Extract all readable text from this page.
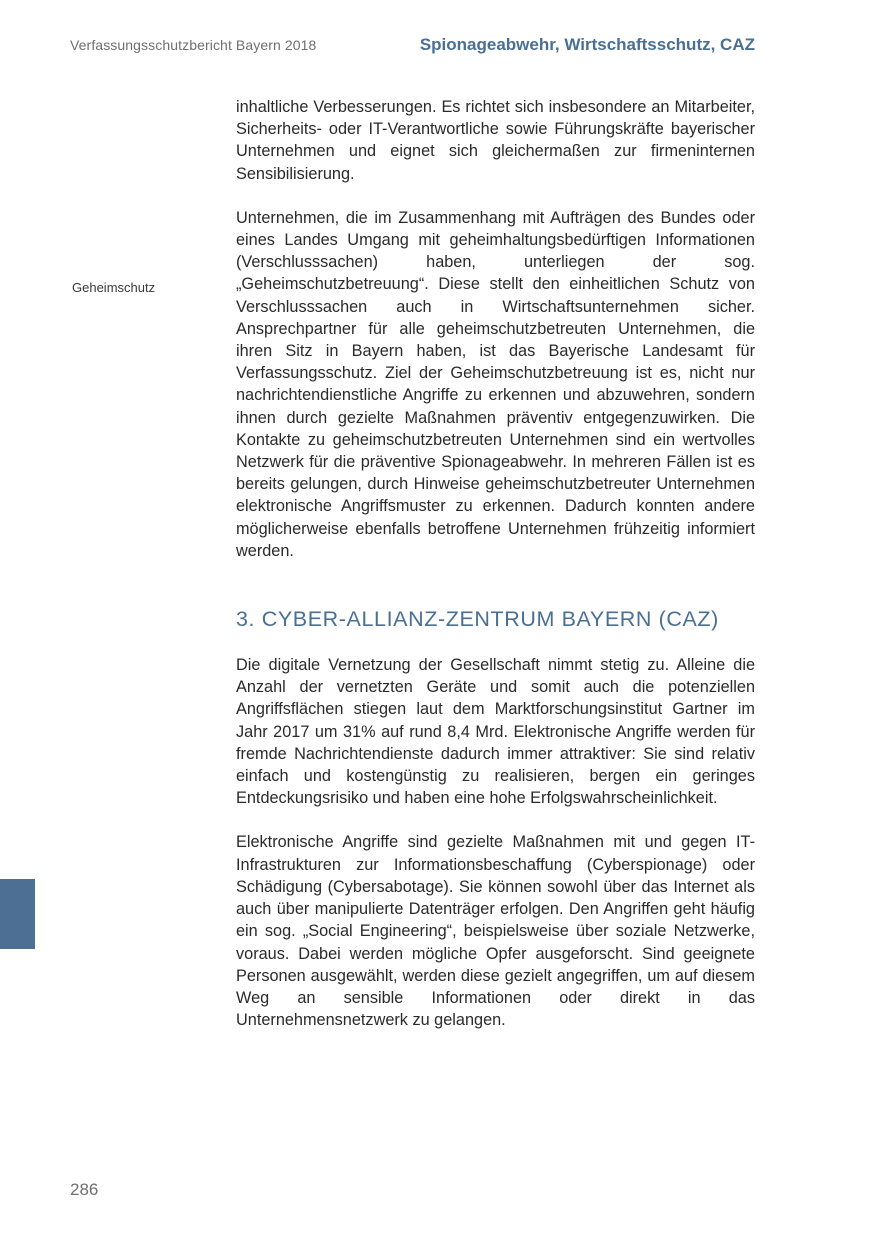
Verfassungsschutzbericht Bayern 2018	Spionageabwehr, Wirtschaftsschutz, CAZ
Geheimschutz

inhaltliche Verbesserungen. Es richtet sich insbesondere an Mitarbeiter, Sicherheits- oder IT-Verantwortliche sowie Führungskräfte bayerischer Unternehmen und eignet sich gleichermaßen zur firmeninternen Sensibilisierung.

Unternehmen, die im Zusammenhang mit Aufträgen des Bundes oder eines Landes Umgang mit geheimhaltungsbedürftigen Informationen (Verschlusssachen) haben, unterliegen der sog. „Geheimschutzbetreuung“. Diese stellt den einheitlichen Schutz von Verschlusssachen auch in Wirtschaftsunternehmen sicher. Ansprechpartner für alle geheimschutzbetreuten Unternehmen, die ihren Sitz in Bayern haben, ist das Bayerische Landesamt für Verfassungsschutz. Ziel der Geheimschutzbetreuung ist es, nicht nur nachrichtendienstliche Angriffe zu erkennen und abzuwehren, sondern ihnen durch gezielte Maßnahmen präventiv entgegenzuwirken. Die Kontakte zu geheimschutzbetreuten Unternehmen sind ein wertvolles Netzwerk für die präventive Spionageabwehr. In mehreren Fällen ist es bereits gelungen, durch Hinweise geheimschutzbetreuter Unternehmen elektronische Angriffsmuster zu erkennen. Dadurch konnten andere möglicherweise ebenfalls betroffene Unternehmen frühzeitig informiert werden.

3. CYBER-ALLIANZ-ZENTRUM BAYERN (CAZ)

Die digitale Vernetzung der Gesellschaft nimmt stetig zu. Alleine die Anzahl der vernetzten Geräte und somit auch die potenziellen Angriffsflächen stiegen laut dem Marktforschungsinstitut Gartner im Jahr 2017 um 31% auf rund 8,4 Mrd. Elektronische Angriffe werden für fremde Nachrichtendienste dadurch immer attraktiver: Sie sind relativ einfach und kostengünstig zu realisieren, bergen ein geringes Entdeckungsrisiko und haben eine hohe Erfolgswahrscheinlichkeit.

Elektronische Angriffe sind gezielte Maßnahmen mit und gegen IT-Infrastrukturen zur Informationsbeschaffung (Cyberspionage) oder Schädigung (Cybersabotage). Sie können sowohl über das Internet als auch über manipulierte Datenträger erfolgen. Den Angriffen geht häufig ein sog. „Social Engineering“, beispielsweise über soziale Netzwerke, voraus. Dabei werden mögliche Opfer ausgeforscht. Sind geeignete Personen ausgewählt, werden diese gezielt angegriffen, um auf diesem Weg an sensible Informationen oder direkt in das Unternehmensnetzwerk zu gelangen.

286
